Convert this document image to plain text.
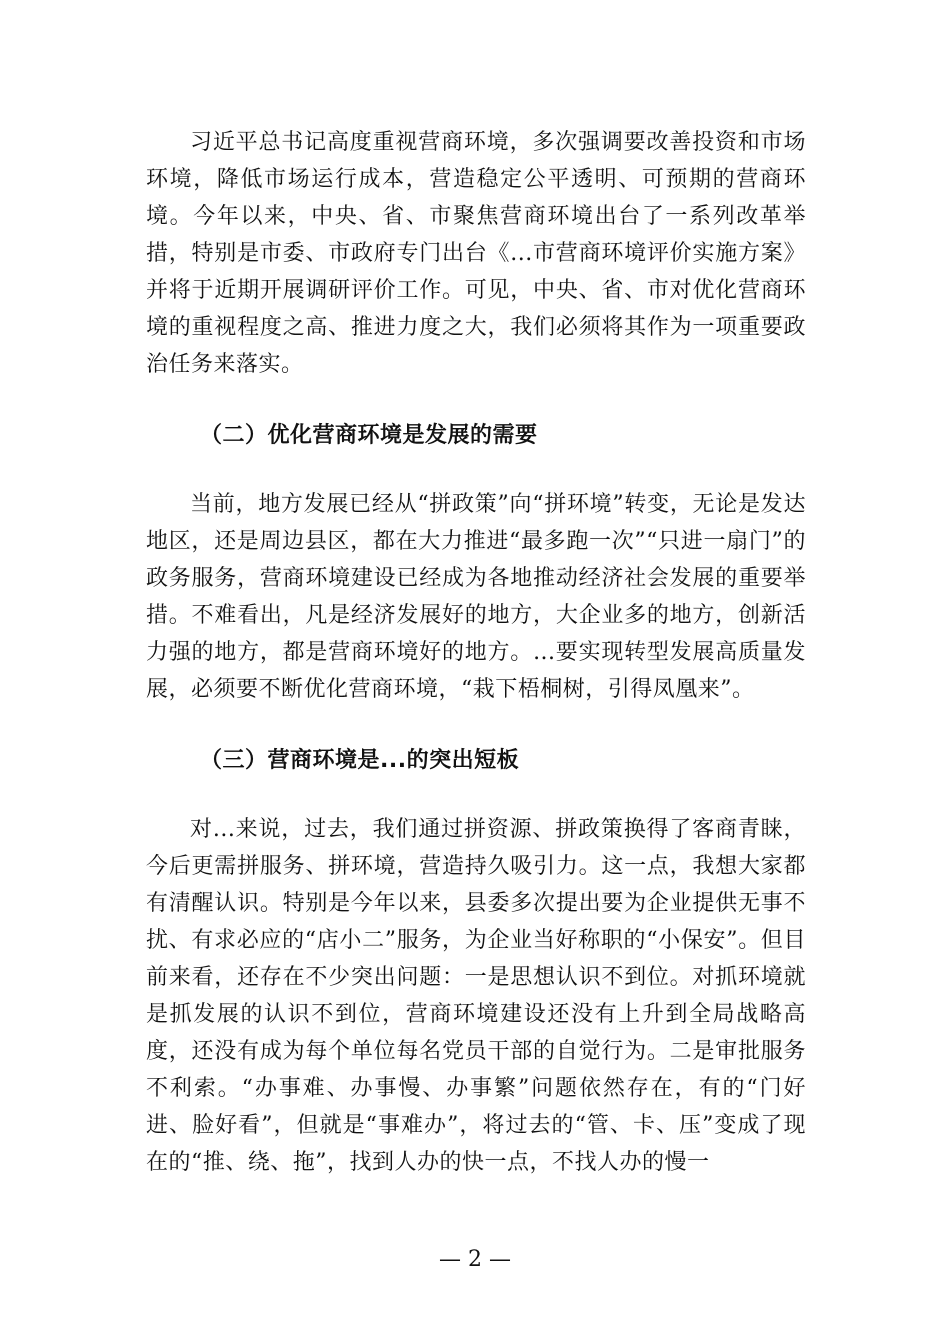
习近平总书记高度重视营商环境，多次强调要改善投资和市场环境，降低市场运行成本，营造稳定公平透明、可预期的营商环境。今年以来，中央、省、市聚焦营商环境出台了一系列改革举措，特别是市委、市政府专门出台《...市营商环境评价实施方案》并将于近期开展调研评价工作。可见，中央、省、市对优化营商环境的重视程度之高、推进力度之大，我们必须将其作为一项重要政治任务来落实。

（二）优化营商环境是发展的需要

当前，地方发展已经从“拼政策”向“拼环境”转变，无论是发达地区，还是周边县区，都在大力推进“最多跑一次”“只进一扇门”的政务服务，营商环境建设已经成为各地推动经济社会发展的重要举措。不难看出，凡是经济发展好的地方，大企业多的地方，创新活力强的地方，都是营商环境好的地方。...要实现转型发展高质量发展，必须要不断优化营商环境，“栽下梧桐树，引得凤凰来”。

（三）营商环境是...的突出短板

对...来说，过去，我们通过拼资源、拼政策换得了客商青睐，今后更需拼服务、拼环境，营造持久吸引力。这一点，我想大家都有清醒认识。特别是今年以来，县委多次提出要为企业提供无事不扰、有求必应的“店小二”服务，为企业当好称职的“小保安”。但目前来看，还存在不少突出问题：一是思想认识不到位。对抓环境就是抓发展的认识不到位，营商环境建设还没有上升到全局战略高度，还没有成为每个单位每名党员干部的自觉行为。二是审批服务不利索。“办事难、办事慢、办事繁”问题依然存在，有的“门好进、脸好看”，但就是“事难办”，将过去的“管、卡、压”变成了现在的“推、绕、拖”，找到人办的快一点，不找人办的慢一

— 2 —
